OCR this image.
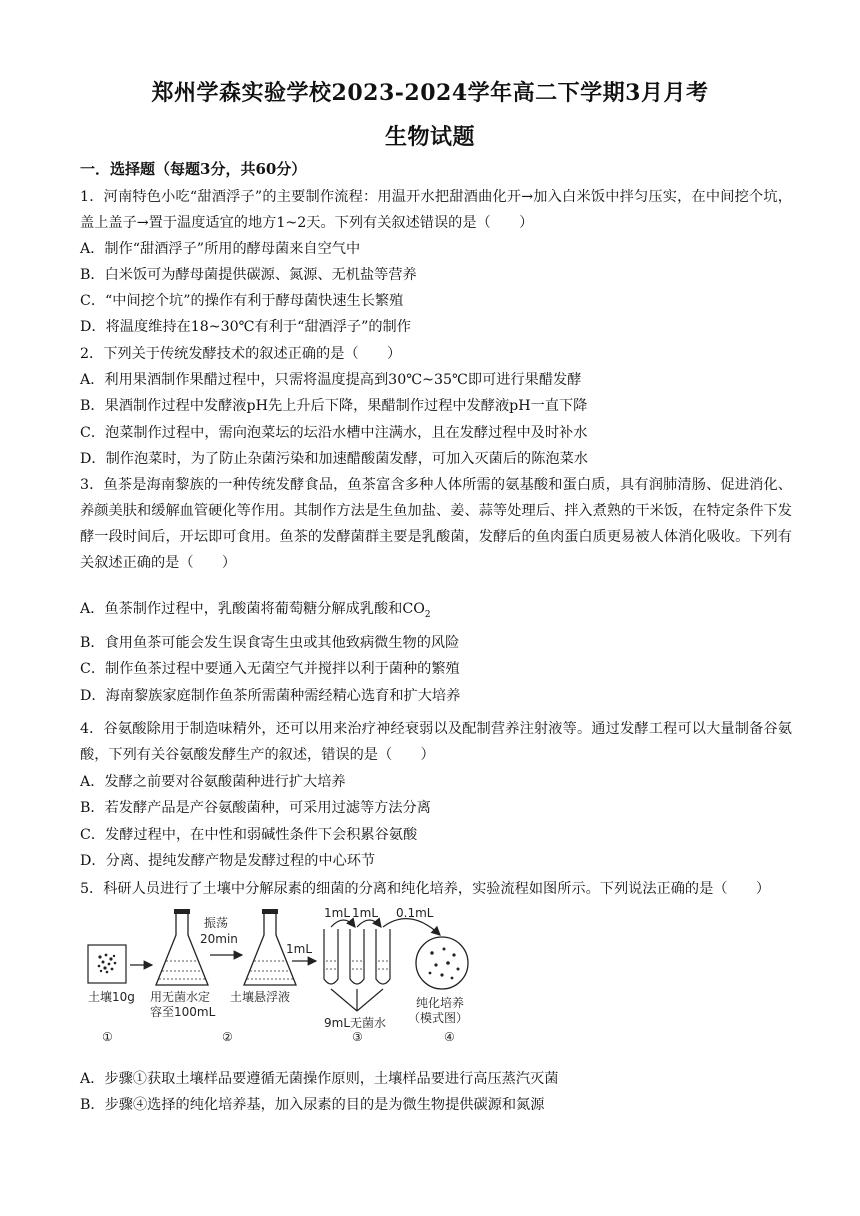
郑州学森实验学校2023-2024学年高二下学期3月月考
生物试题
一．选择题（每题3分，共60分）
1．河南特色小吃“甜酒浮子”的主要制作流程：用温开水把甜酒曲化开→加入白米饭中拌匀压实，在中间挖个坑，盖上盖子→置于温度适宜的地方1~2天。下列有关叙述错误的是（　　）
A．制作“甜酒浮子”所用的酵母菌来自空气中
B．白米饭可为酵母菌提供碳源、氮源、无机盐等营养
C．“中间挖个坑”的操作有利于酵母菌快速生长繁殖
D．将温度维持在18~30℃有利于“甜酒浮子”的制作
2．下列关于传统发酵技术的叙述正确的是（　　）
A．利用果酒制作果醋过程中，只需将温度提高到30℃~35℃即可进行果醋发酵
B．果酒制作过程中发酵液pH先上升后下降，果醋制作过程中发酵液pH一直下降
C．泡菜制作过程中，需向泡菜坛的坛沿水槽中注满水，且在发酵过程中及时补水
D．制作泡菜时，为了防止杂菌污染和加速醋酸菌发酵，可加入灭菌后的陈泡菜水
3．鱼茶是海南黎族的一种传统发酵食品，鱼茶富含多种人体所需的氨基酸和蛋白质，具有润肺清肠、促进消化、养颜美肤和缓解血管硬化等作用。其制作方法是生鱼加盐、姜、蒜等处理后、拌入煮熟的干米饭，在特定条件下发酵一段时间后，开坛即可食用。鱼茶的发酵菌群主要是乳酸菌，发酵后的鱼肉蛋白质更易被人体消化吸收。下列有关叙述正确的是（　　）
A．鱼茶制作过程中，乳酸菌将葡萄糖分解成乳酸和$CO_2$
B．食用鱼茶可能会发生误食寄生虫或其他致病微生物的风险
C．制作鱼茶过程中要通入无菌空气并搅拌以利于菌种的繁殖
D．海南黎族家庭制作鱼茶所需菌种需经精心选育和扩大培养
4．谷氨酸除用于制造味精外，还可以用来治疗神经衰弱以及配制营养注射液等。通过发酵工程可以大量制备谷氨酸，下列有关谷氨酸发酵生产的叙述，错误的是（　　）
A．发酵之前要对谷氨酸菌种进行扩大培养
B．若发酵产品是产谷氨酸菌种，可采用过滤等方法分离
C．发酵过程中，在中性和弱碱性条件下会积累谷氨酸
D．分离、提纯发酵产物是发酵过程的中心环节
5．科研人员进行了土壤中分解尿素的细菌的分离和纯化培养，实验流程如图所示。下列说法正确的是（　　）
土壤10g 用无菌水定
容至100mL
振荡
20min
土壤悬浮液
1mL
1mL 1mL 0.1mL
9mL无菌水
纯化培养
（模式图）
①	②	③	④
A．步骤①获取土壤样品要遵循无菌操作原则，土壤样品要进行高压蒸汽灭菌
B．步骤④选择的纯化培养基，加入尿素的目的是为微生物提供碳源和氮源
